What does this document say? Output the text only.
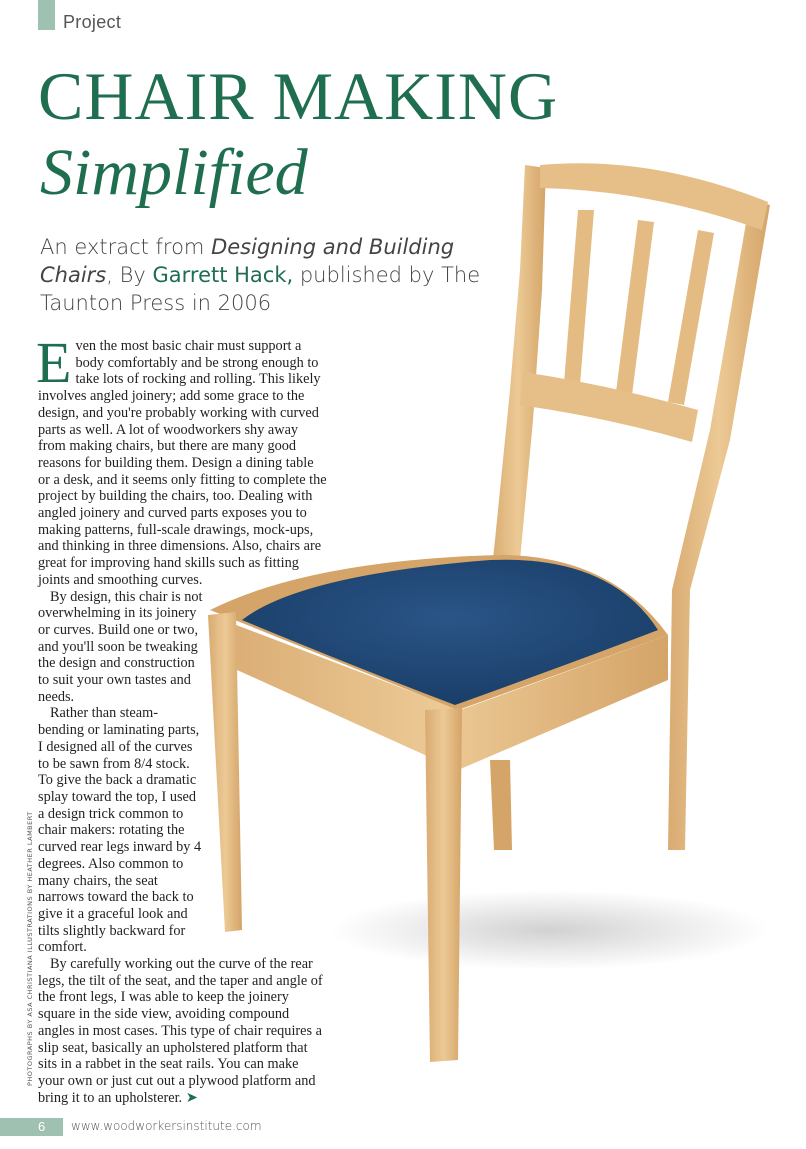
Project
CHAIR MAKING
Simplified
An extract from Designing and Building Chairs, By Garrett Hack, published by The Taunton Press in 2006

Even the most basic chair must support a body comfortably and be strong enough to take lots of rocking and rolling. This likely involves angled joinery; add some grace to the design, and you're probably working with curved parts as well. A lot of woodworkers shy away from making chairs, but there are many good reasons for building them. Design a dining table or a desk, and it seems only fitting to complete the project by building the chairs, too. Dealing with angled joinery and curved parts exposes you to making patterns, full-scale drawings, mock-ups, and thinking in three dimensions. Also, chairs are great for improving hand skills such as fitting joints and smoothing curves.

By design, this chair is not overwhelming in its joinery or curves. Build one or two, and you'll soon be tweaking the design and construction to suit your own tastes and needs.

Rather than steam-bending or laminating parts, I designed all of the curves to be sawn from 8/4 stock. To give the back a dramatic splay toward the top, I used a design trick common to chair makers: rotating the curved rear legs inward by 4 degrees. Also common to many chairs, the seat narrows toward the back to give it a graceful look and tilts slightly backward for comfort.

By carefully working out the curve of the rear legs, the tilt of the seat, and the taper and angle of the front legs, I was able to keep the joinery square in the side view, avoiding compound angles in most cases. This type of chair requires a slip seat, basically an upholstered platform that sits in a rabbet in the seat rails. You can make your own or just cut out a plywood platform and bring it to an upholsterer. ➤

PHOTOGRAPHS BY ASA CHRISTIANA ILLUSTRATIONS BY HEATHER LAMBERT
6	www.woodworkersinstitute.com
